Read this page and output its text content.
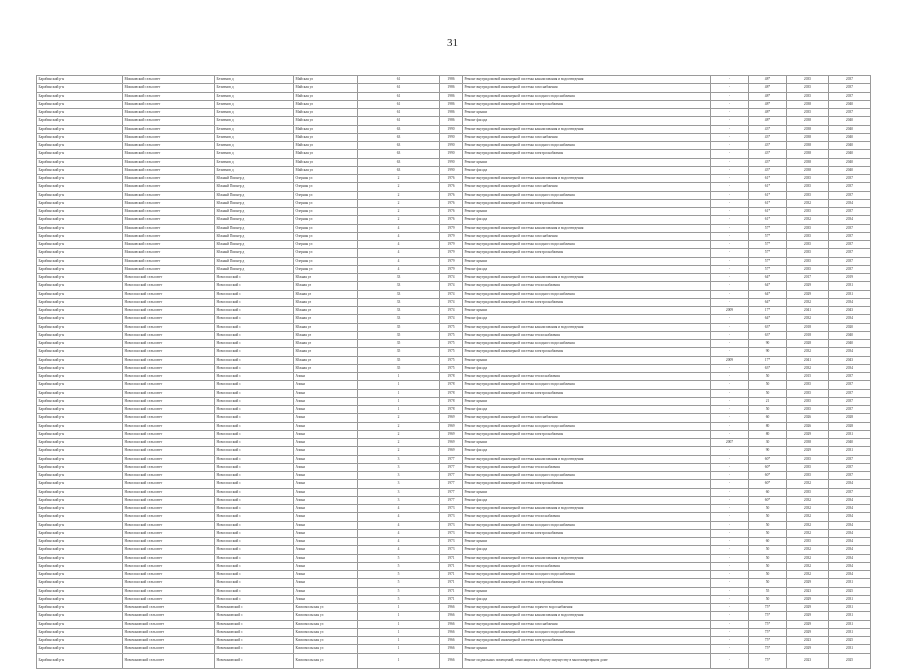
31
Барабинский р-н	Мошковский сельсовет	Безменов д	Майская ул	61	1986	Ремонт внутридомовой инженерной системы канализования и водоотведения	-	48*	2035	2037
Барабинский р-н	Мошковский сельсовет	Безменов д	Майская ул	61	1986	Ремонт внутридомовой инженерной системы газоснабжения	-	48*	2035	2037
Барабинский р-н	Мошковский сельсовет	Безменов д	Майская ул	61	1986	Ремонт внутридомовой инженерной системы холодного водоснабжения	-	48*	2035	2037
Барабинский р-н	Мошковский сельсовет	Безменов д	Майская ул	61	1986	Ремонт внутридомовой инженерной системы электроснабжения	-	48*	2038	2040
Барабинский р-н	Мошковский сельсовет	Безменов д	Майская ул	61	1986	Ремонт крыши	-	48*	2035	2037
Барабинский р-н	Мошковский сельсовет	Безменов д	Майская ул	61	1986	Ремонт фасада	-	48*	2038	2040
Барабинский р-н	Мошковский сельсовет	Безменов д	Майская ул	63	1990	Ремонт внутридомовой инженерной системы канализования и водоотведения	-	43*	2038	2040
Барабинский р-н	Мошковский сельсовет	Безменов д	Майская ул	63	1990	Ремонт внутридомовой инженерной системы газоснабжения	-	43*	2038	2040
Барабинский р-н	Мошковский сельсовет	Безменов д	Майская ул	63	1990	Ремонт внутридомовой инженерной системы холодного водоснабжения	-	43*	2038	2040
Барабинский р-н	Мошковский сельсовет	Безменов д	Майская ул	63	1990	Ремонт внутридомовой инженерной системы электроснабжения	-	43*	2038	2040
Барабинский р-н	Мошковский сельсовет	Безменов д	Майская ул	63	1990	Ремонт крыши	-	43*	2038	2040
Барабинский р-н	Мошковский сельсовет	Безменов д	Майская ул	63	1990	Ремонт фасада	-	43*	2038	2040
Барабинский р-н	Мошковский сельсовет	Южный Пионер д	Озерная ул	2	1976	Ремонт внутридомовой инженерной системы канализования и водоотведения	-	61*	2035	2037
Барабинский р-н	Мошковский сельсовет	Южный Пионер д	Озерная ул	2	1976	Ремонт внутридомовой инженерной системы газоснабжения	-	61*	2035	2037
Барабинский р-н	Мошковский сельсовет	Южный Пионер д	Озерная ул	2	1976	Ремонт внутридомовой инженерной системы холодного водоснабжения	-	61*	2035	2037
Барабинский р-н	Мошковский сельсовет	Южный Пионер д	Озерная ул	2	1976	Ремонт внутридомовой инженерной системы электроснабжения	-	61*	2032	2034
Барабинский р-н	Мошковский сельсовет	Южный Пионер д	Озерная ул	2	1976	Ремонт крыши	-	61*	2035	2037
Барабинский р-н	Мошковский сельсовет	Южный Пионер д	Озерная ул	2	1976	Ремонт фасада	-	61*	2032	2034
Барабинский р-н	Мошковский сельсовет	Южный Пионер д	Озерная ул	4	1979	Ремонт внутридомовой инженерной системы канализования и водоотведения	-	57*	2035	2037
Барабинский р-н	Мошковский сельсовет	Южный Пионер д	Озерная ул	4	1979	Ремонт внутридомовой инженерной системы газоснабжения	-	57*	2035	2037
Барабинский р-н	Мошковский сельсовет	Южный Пионер д	Озерная ул	4	1979	Ремонт внутридомовой инженерной системы холодного водоснабжения	-	57*	2035	2037
Барабинский р-н	Мошковский сельсовет	Южный Пионер д	Озерная ул	4	1979	Ремонт внутридомовой инженерной системы электроснабжения	-	57*	2035	2037
Барабинский р-н	Мошковский сельсовет	Южный Пионер д	Озерная ул	4	1979	Ремонт крыши	-	57*	2035	2037
Барабинский р-н	Мошковский сельсовет	Южный Пионер д	Озерная ул	4	1979	Ремонт фасада	-	57*	2035	2037
Барабинский р-н	Новоспасский сельсовет	Новоспасский с	Южная ул	33	1974	Ремонт внутридомовой инженерной системы канализования и водоотведения	-	64*	2017	2019
Барабинский р-н	Новоспасский сельсовет	Новоспасский с	Южная ул	33	1974	Ремонт внутридомовой инженерной системы теплоснабжения	-	64*	2029	2031
Барабинский р-н	Новоспасский сельсовет	Новоспасский с	Южная ул	33	1974	Ремонт внутридомовой инженерной системы холодного водоснабжения	-	64*	2029	2031
Барабинский р-н	Новоспасский сельсовет	Новоспасский с	Южная ул	33	1974	Ремонт внутридомовой инженерной системы электроснабжения	-	64*	2032	2034
Барабинский р-н	Новоспасский сельсовет	Новоспасский с	Южная ул	33	1974	Ремонт крыши	2009	17*	2041	2043
Барабинский р-н	Новоспасский сельсовет	Новоспасский с	Южная ул	33	1974	Ремонт фасада	-	64*	2032	2034
Барабинский р-н	Новоспасский сельсовет	Новоспасский с	Южная ул	35	1975	Ремонт внутридомовой инженерной системы канализования и водоотведения	-	63*	2018	2020
Барабинский р-н	Новоспасский сельсовет	Новоспасский с	Южная ул	35	1975	Ремонт внутридомовой инженерной системы теплоснабжения	-	63*	2018	2040
Барабинский р-н	Новоспасский сельсовет	Новоспасский с	Южная ул	35	1975	Ремонт внутридомовой инженерной системы холодного водоснабжения	-	90	2028	2040
Барабинский р-н	Новоспасский сельсовет	Новоспасский с	Южная ул	35	1975	Ремонт внутридомовой инженерной системы электроснабжения	-	90	2032	2034
Барабинский р-н	Новоспасский сельсовет	Новоспасский с	Южная ул	35	1975	Ремонт крыши	2009	17*	2041	2043
Барабинский р-н	Новоспасский сельсовет	Новоспасский с	Южная ул	35	1975	Ремонт фасада	-	63*	2032	2034
Барабинский р-н	Новоспасский сельсовет	Новоспасский с	Азина	1	1978	Ремонт внутридомовой инженерной системы теплоснабжения	-	50	2015	2037
Барабинский р-н	Новоспасский сельсовет	Новоспасский с	Азина	1	1978	Ремонт внутридомовой инженерной системы холодного водоснабжения	-	50	2035	2037
Барабинский р-н	Новоспасский сельсовет	Новоспасский с	Азина	1	1978	Ремонт внутридомовой инженерной системы электроснабжения	-	50	2035	2037
Барабинский р-н	Новоспасский сельсовет	Новоспасский с	Азина	1	1978	Ремонт крыши	-	21	2035	2037
Барабинский р-н	Новоспасский сельсовет	Новоспасский с	Азина	1	1978	Ремонт фасада	-	50	2035	2037
Барабинский р-н	Новоспасский сельсовет	Новоспасский с	Азина	2	1969	Ремонт внутридомовой инженерной системы газоснабжения	-	60	2026	2028
Барабинский р-н	Новоспасский сельсовет	Новоспасский с	Азина	2	1969	Ремонт внутридомовой инженерной системы холодного водоснабжения	-	80	2026	2028
Барабинский р-н	Новоспасский сельсовет	Новоспасский с	Азина	2	1969	Ремонт внутридомовой инженерной системы электроснабжения	-	80	2029	2031
Барабинский р-н	Новоспасский сельсовет	Новоспасский с	Азина	2	1969	Ремонт крыши	2007	30	2038	2040
Барабинский р-н	Новоспасский сельсовет	Новоспасский с	Азина	2	1969	Ремонт фасада	-	90	2029	2031
Барабинский р-н	Новоспасский сельсовет	Новоспасский с	Азина	3	1977	Ремонт внутридомовой инженерной системы канализования и водоотведения	-	60*	2035	2037
Барабинский р-н	Новоспасский сельсовет	Новоспасский с	Азина	3	1977	Ремонт внутридомовой инженерной системы теплоснабжения	-	60*	2035	2037
Барабинский р-н	Новоспасский сельсовет	Новоспасский с	Азина	3	1977	Ремонт внутридомовой инженерной системы холодного водоснабжения	-	60*	2035	2037
Барабинский р-н	Новоспасский сельсовет	Новоспасский с	Азина	3	1977	Ремонт внутридомовой инженерной системы электроснабжения	-	60*	2032	2034
Барабинский р-н	Новоспасский сельсовет	Новоспасский с	Азина	3	1977	Ремонт крыши	-	60	2035	2037
Барабинский р-н	Новоспасский сельсовет	Новоспасский с	Азина	3	1977	Ремонт фасада	-	60*	2032	2034
Барабинский р-н	Новоспасский сельсовет	Новоспасский с	Азина	4	1973	Ремонт внутридомовой инженерной системы канализования и водоотведения	-	50	2032	2034
Барабинский р-н	Новоспасский сельсовет	Новоспасский с	Азина	4	1973	Ремонт внутридомовой инженерной системы теплоснабжения	-	50	2032	2034
Барабинский р-н	Новоспасский сельсовет	Новоспасский с	Азина	4	1973	Ремонт внутридомовой инженерной системы холодного водоснабжения	-	50	2032	2034
Барабинский р-н	Новоспасский сельсовет	Новоспасский с	Азина	4	1973	Ремонт внутридомовой инженерной системы электроснабжения	-	50	2032	2034
Барабинский р-н	Новоспасский сельсовет	Новоспасский с	Азина	4	1973	Ремонт крыши	-	60	2035	2034
Барабинский р-н	Новоспасский сельсовет	Новоспасский с	Азина	4	1973	Ремонт фасада	-	50	2032	2034
Барабинский р-н	Новоспасский сельсовет	Новоспасский с	Азина	5	1971	Ремонт внутридомовой инженерной системы канализования и водоотведения	-	50	2032	2034
Барабинский р-н	Новоспасский сельсовет	Новоспасский с	Азина	5	1971	Ремонт внутридомовой инженерной системы теплоснабжения	-	50	2032	2034
Барабинский р-н	Новоспасский сельсовет	Новоспасский с	Азина	5	1971	Ремонт внутридомовой инженерной системы холодного водоснабжения	-	50	2032	2034
Барабинский р-н	Новоспасский сельсовет	Новоспасский с	Азина	5	1971	Ремонт внутридомовой инженерной системы электроснабжения	-	50	2029	2031
Барабинский р-н	Новоспасский сельсовет	Новоспасский с	Азина	5	1971	Ремонт крыши	-	55	2023	2025
Барабинский р-н	Новоспасский сельсовет	Новоспасский с	Азина	5	1971	Ремонт фасада	-	50	2029	2031
Барабинский р-н	Новочановский сельсовет	Новочановский с	Комсомольская ул	1	1966	Ремонт внутридомовой инженерной системы горячего водоснабжения	-	75*	2029	2031
Барабинский р-н	Новочановский сельсовет	Новочановский с	Комсомольская ул	1	1966	Ремонт внутридомовой инженерной системы канализования и водоотведения	-	75*	2029	2031
Барабинский р-н	Новочановский сельсовет	Новочановский с	Комсомольская ул	1	1966	Ремонт внутридомовой инженерной системы газоснабжения	-	75*	2029	2031
Барабинский р-н	Новочановский сельсовет	Новочановский с	Комсомольская ул	1	1966	Ремонт внутридомовой инженерной системы холодного водоснабжения	-	75*	2029	2031
Барабинский р-н	Новочановский сельсовет	Новочановский с	Комсомольская ул	1	1966	Ремонт внутридомовой инженерной системы электроснабжения	-	75*	2023	2025
Барабинский р-н	Новочановский сельсовет	Новочановский с	Комсомольская ул	1	1966	Ремонт крыши	-	75*	2029	2031
Барабинский р-н	Новочановский сельсовет	Новочановский с	Комсомольская ул	1	1966	Ремонт подвальных помещений, относящихся к общему имуществу в многоквартирном доме	-	75*	2023	2025
